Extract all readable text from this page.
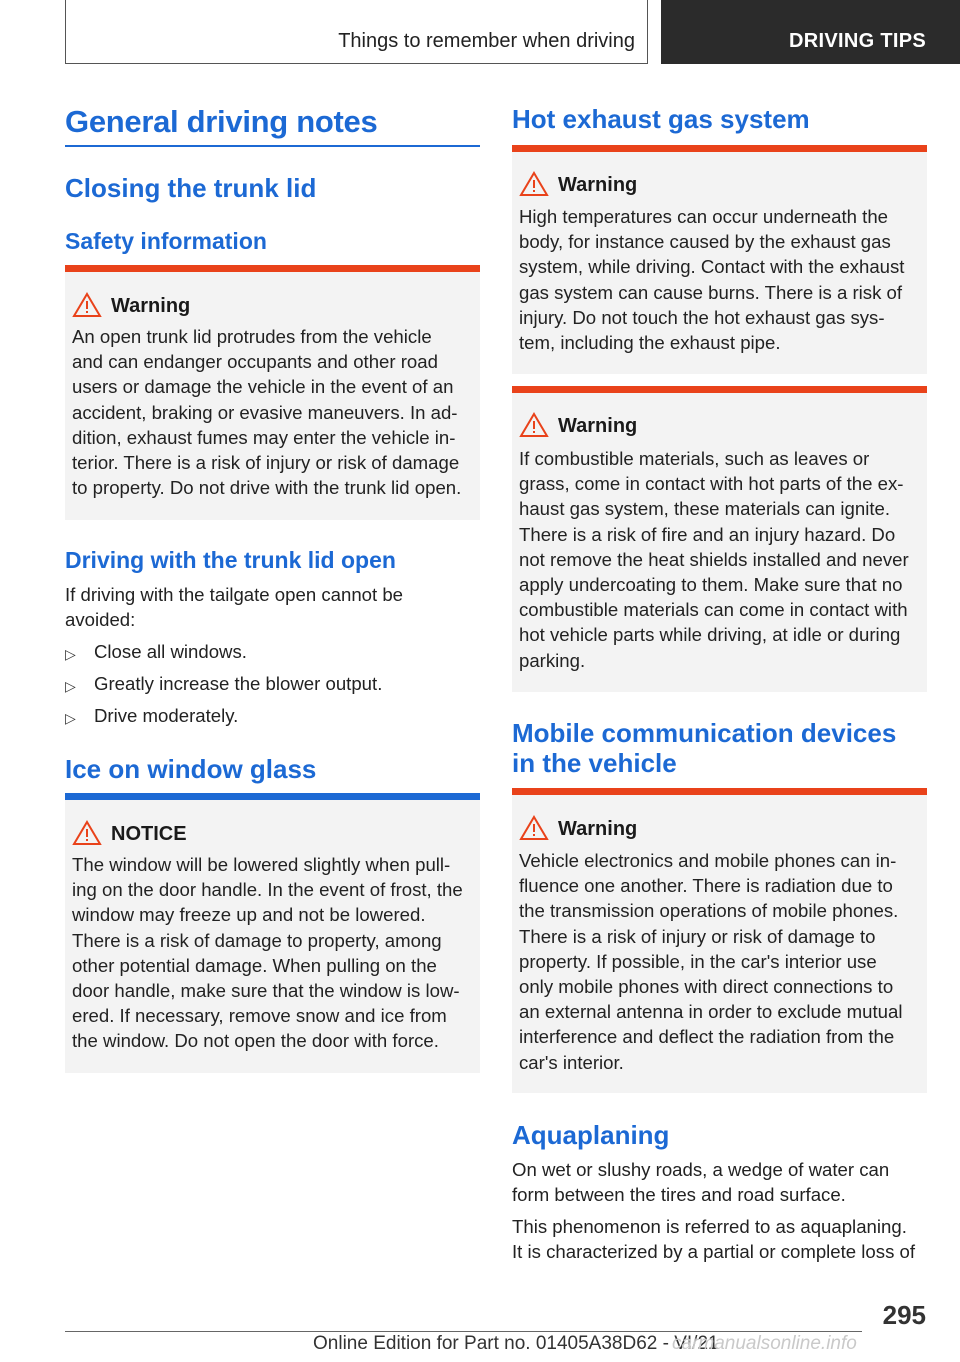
Things to remember when driving	DRIVING TIPS
General driving notes
Closing the trunk lid
Safety information
Warning
An open trunk lid protrudes from the vehicle
and can endanger occupants and other road
users or damage the vehicle in the event of an
accident, braking or evasive maneuvers. In ad-
dition, exhaust fumes may enter the vehicle in-
terior. There is a risk of injury or risk of damage
to property. Do not drive with the trunk lid open.
Driving with the trunk lid open
If driving with the tailgate open cannot be
avoided:
▷ Close all windows.
▷ Greatly increase the blower output.
▷ Drive moderately.
Ice on window glass
NOTICE
The window will be lowered slightly when pull-
ing on the door handle. In the event of frost, the
window may freeze up and not be lowered.
There is a risk of damage to property, among
other potential damage. When pulling on the
door handle, make sure that the window is low-
ered. If necessary, remove snow and ice from
the window. Do not open the door with force.
Hot exhaust gas system
Warning
High temperatures can occur underneath the
body, for instance caused by the exhaust gas
system, while driving. Contact with the exhaust
gas system can cause burns. There is a risk of
injury. Do not touch the hot exhaust gas sys-
tem, including the exhaust pipe.
Warning
If combustible materials, such as leaves or
grass, come in contact with hot parts of the ex-
haust gas system, these materials can ignite.
There is a risk of fire and an injury hazard. Do
not remove the heat shields installed and never
apply undercoating to them. Make sure that no
combustible materials can come in contact with
hot vehicle parts while driving, at idle or during
parking.
Mobile communication devices
in the vehicle
Warning
Vehicle electronics and mobile phones can in-
fluence one another. There is radiation due to
the transmission operations of mobile phones.
There is a risk of injury or risk of damage to
property. If possible, in the car's interior use
only mobile phones with direct connections to
an external antenna in order to exclude mutual
interference and deflect the radiation from the
car's interior.
Aquaplaning
On wet or slushy roads, a wedge of water can
form between the tires and road surface.
This phenomenon is referred to as aquaplaning.
It is characterized by a partial or complete loss of
295
Online Edition for Part no. 01405A38D62 - VI/21
carmanualsonline.info
